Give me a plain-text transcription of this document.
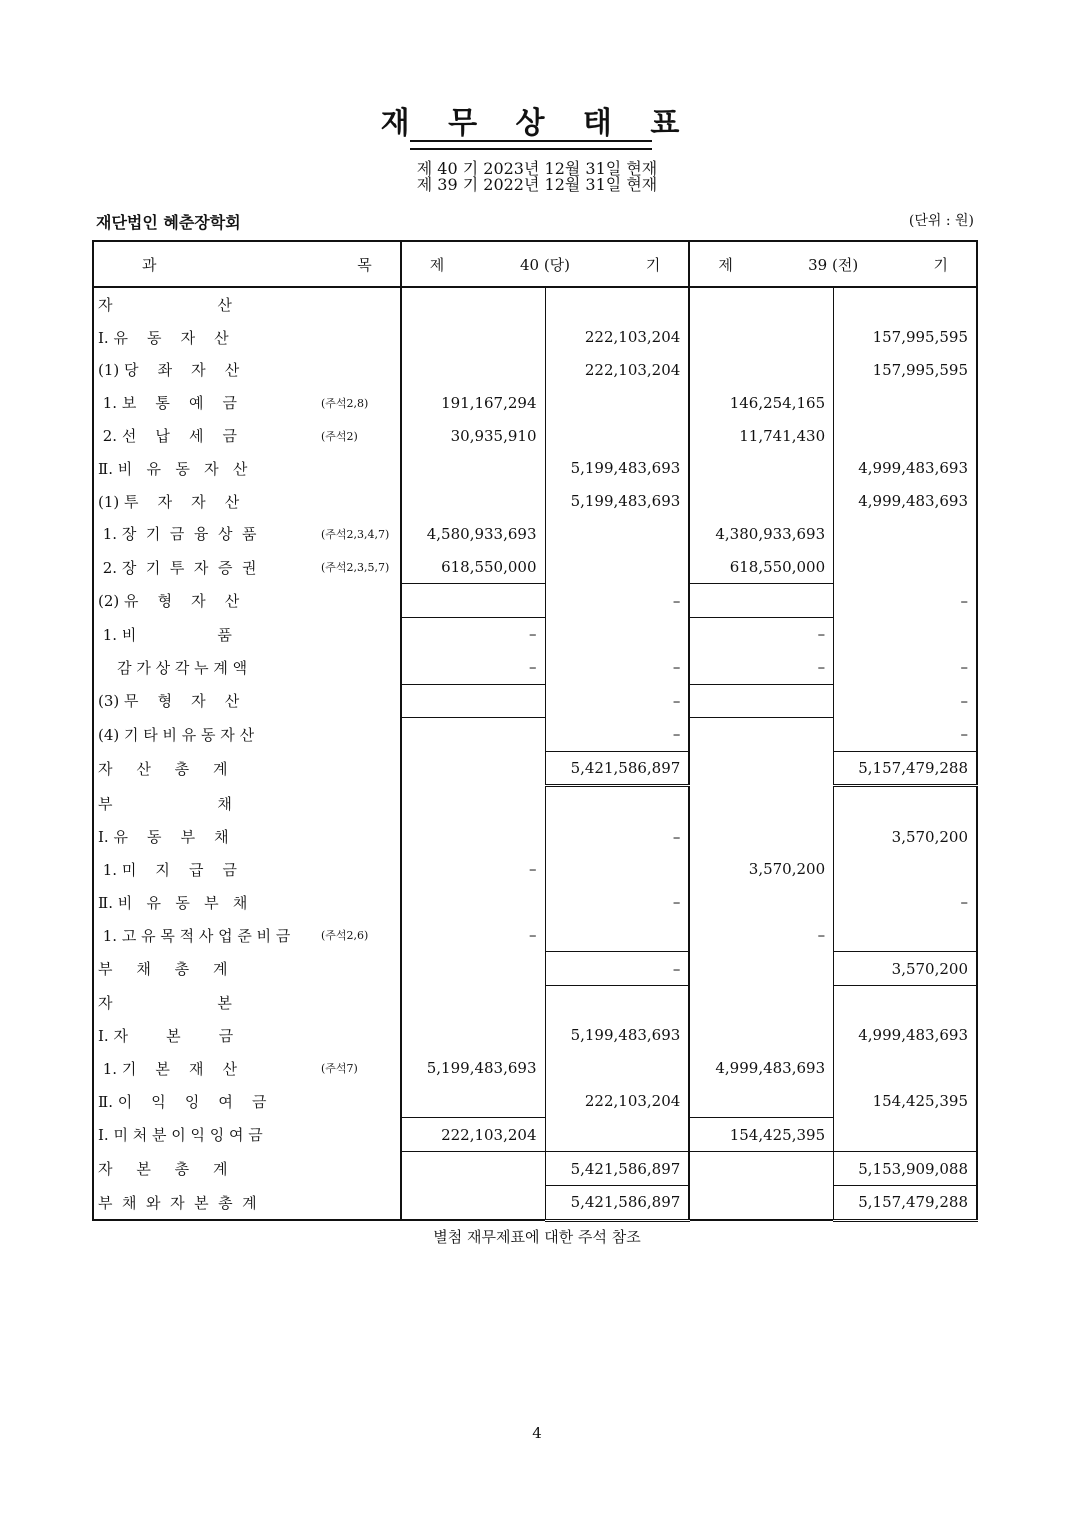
재 무 상 태 표
제 40 기 2023년 12월 31일 현재
제 39 기 2022년 12월 31일 현재
재단법인 혜춘장학회	(단위 : 원)
과 목	제 40 (당) 기		제 39 (전) 기	

자                      산				
Ⅰ. 유    동    자    산		222,103,204		157,995,595
(1) 당    좌    자    산		222,103,204		157,995,595
1. 보    통    예    금 (주석2,8)	191,167,294		146,254,165	
2. 선    납    세    금 (주석2)	30,935,910		11,741,430	
Ⅱ. 비   유   동   자   산		5,199,483,693		4,999,483,693
(1) 투    자    자    산		5,199,483,693		4,999,483,693
1. 장  기  금  융  상  품 (주석2,3,4,7)	4,580,933,693		4,380,933,693	
2. 장  기  투  자  증  권 (주석2,3,5,7)	618,550,000		618,550,000	
(2) 유    형    자    산		–		–
1. 비                 품	–		–	
감 가 상 각 누 계 액	–	–	–	–
(3) 무    형    자    산		–		–
(4) 기 타 비 유 동 자 산		–		–
자     산     총     계		5,421,586,897		5,157,479,288
부                      채				
Ⅰ. 유    동    부    채		–		3,570,200
1. 미    지    급    금	–		3,570,200	
Ⅱ. 비   유   동   부   채		–		–
1. 고 유 목 적 사 업 준 비 금 (주석2,6)	–		–	
부     채     총     계		–		3,570,200
자                      본				
Ⅰ. 자        본        금		5,199,483,693		4,999,483,693
1. 기    본    재    산 (주석7)	5,199,483,693		4,999,483,693	
Ⅱ. 이    익    잉    여    금		222,103,204		154,425,395
Ⅰ. 미 처 분 이 익 잉 여 금	222,103,204		154,425,395	
자     본     총     계		5,421,586,897		5,153,909,088
부  채  와  자  본  총  계		5,421,586,897		5,157,479,288
별첨 재무제표에 대한 주석 참조
4
